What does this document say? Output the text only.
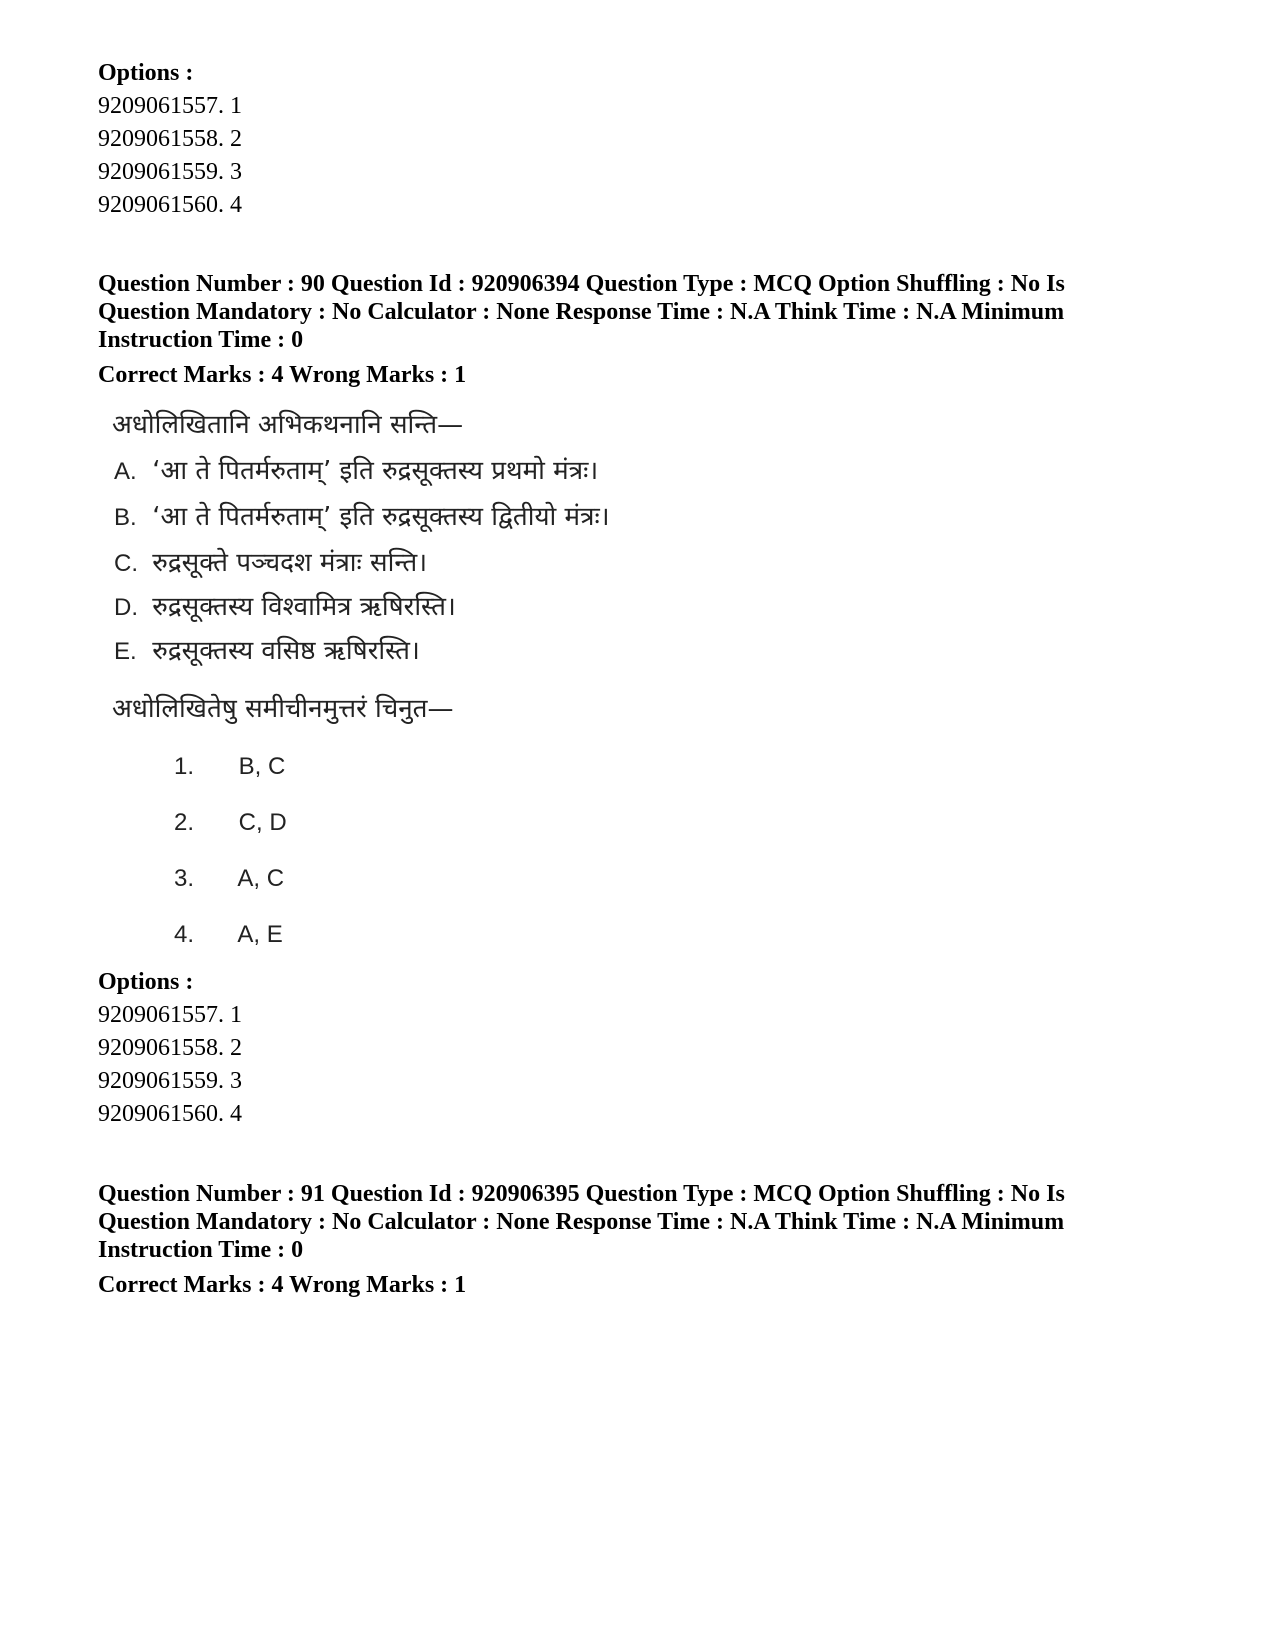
Options :
9209061557. 1
9209061558. 2
9209061559. 3
9209061560. 4
Question Number : 90 Question Id : 920906394 Question Type : MCQ Option Shuffling : No Is
Question Mandatory : No Calculator : None Response Time : N.A Think Time : N.A Minimum
Instruction Time : 0
Correct Marks : 4 Wrong Marks : 1
अधोलिखितानि अभिकथनानि सन्ति—
A. ‘आ ते पितर्मरुताम्’ इति रुद्रसूक्तस्य प्रथमो मंत्रः।
B. ‘आ ते पितर्मरुताम्’ इति रुद्रसूक्तस्य द्वितीयो मंत्रः।
C. रुद्रसूक्ते पञ्चदश मंत्राः सन्ति।
D. रुद्रसूक्तस्य विश्वामित्र ऋषिरस्ति।
E. रुद्रसूक्तस्य वसिष्ठ ऋषिरस्ति।
अधोलिखितेषु समीचीनमुत्तरं चिनुत—
1. B, C
2. C, D
3. A, C
4. A, E
Options :
9209061557. 1
9209061558. 2
9209061559. 3
9209061560. 4
Question Number : 91 Question Id : 920906395 Question Type : MCQ Option Shuffling : No Is
Question Mandatory : No Calculator : None Response Time : N.A Think Time : N.A Minimum
Instruction Time : 0
Correct Marks : 4 Wrong Marks : 1
